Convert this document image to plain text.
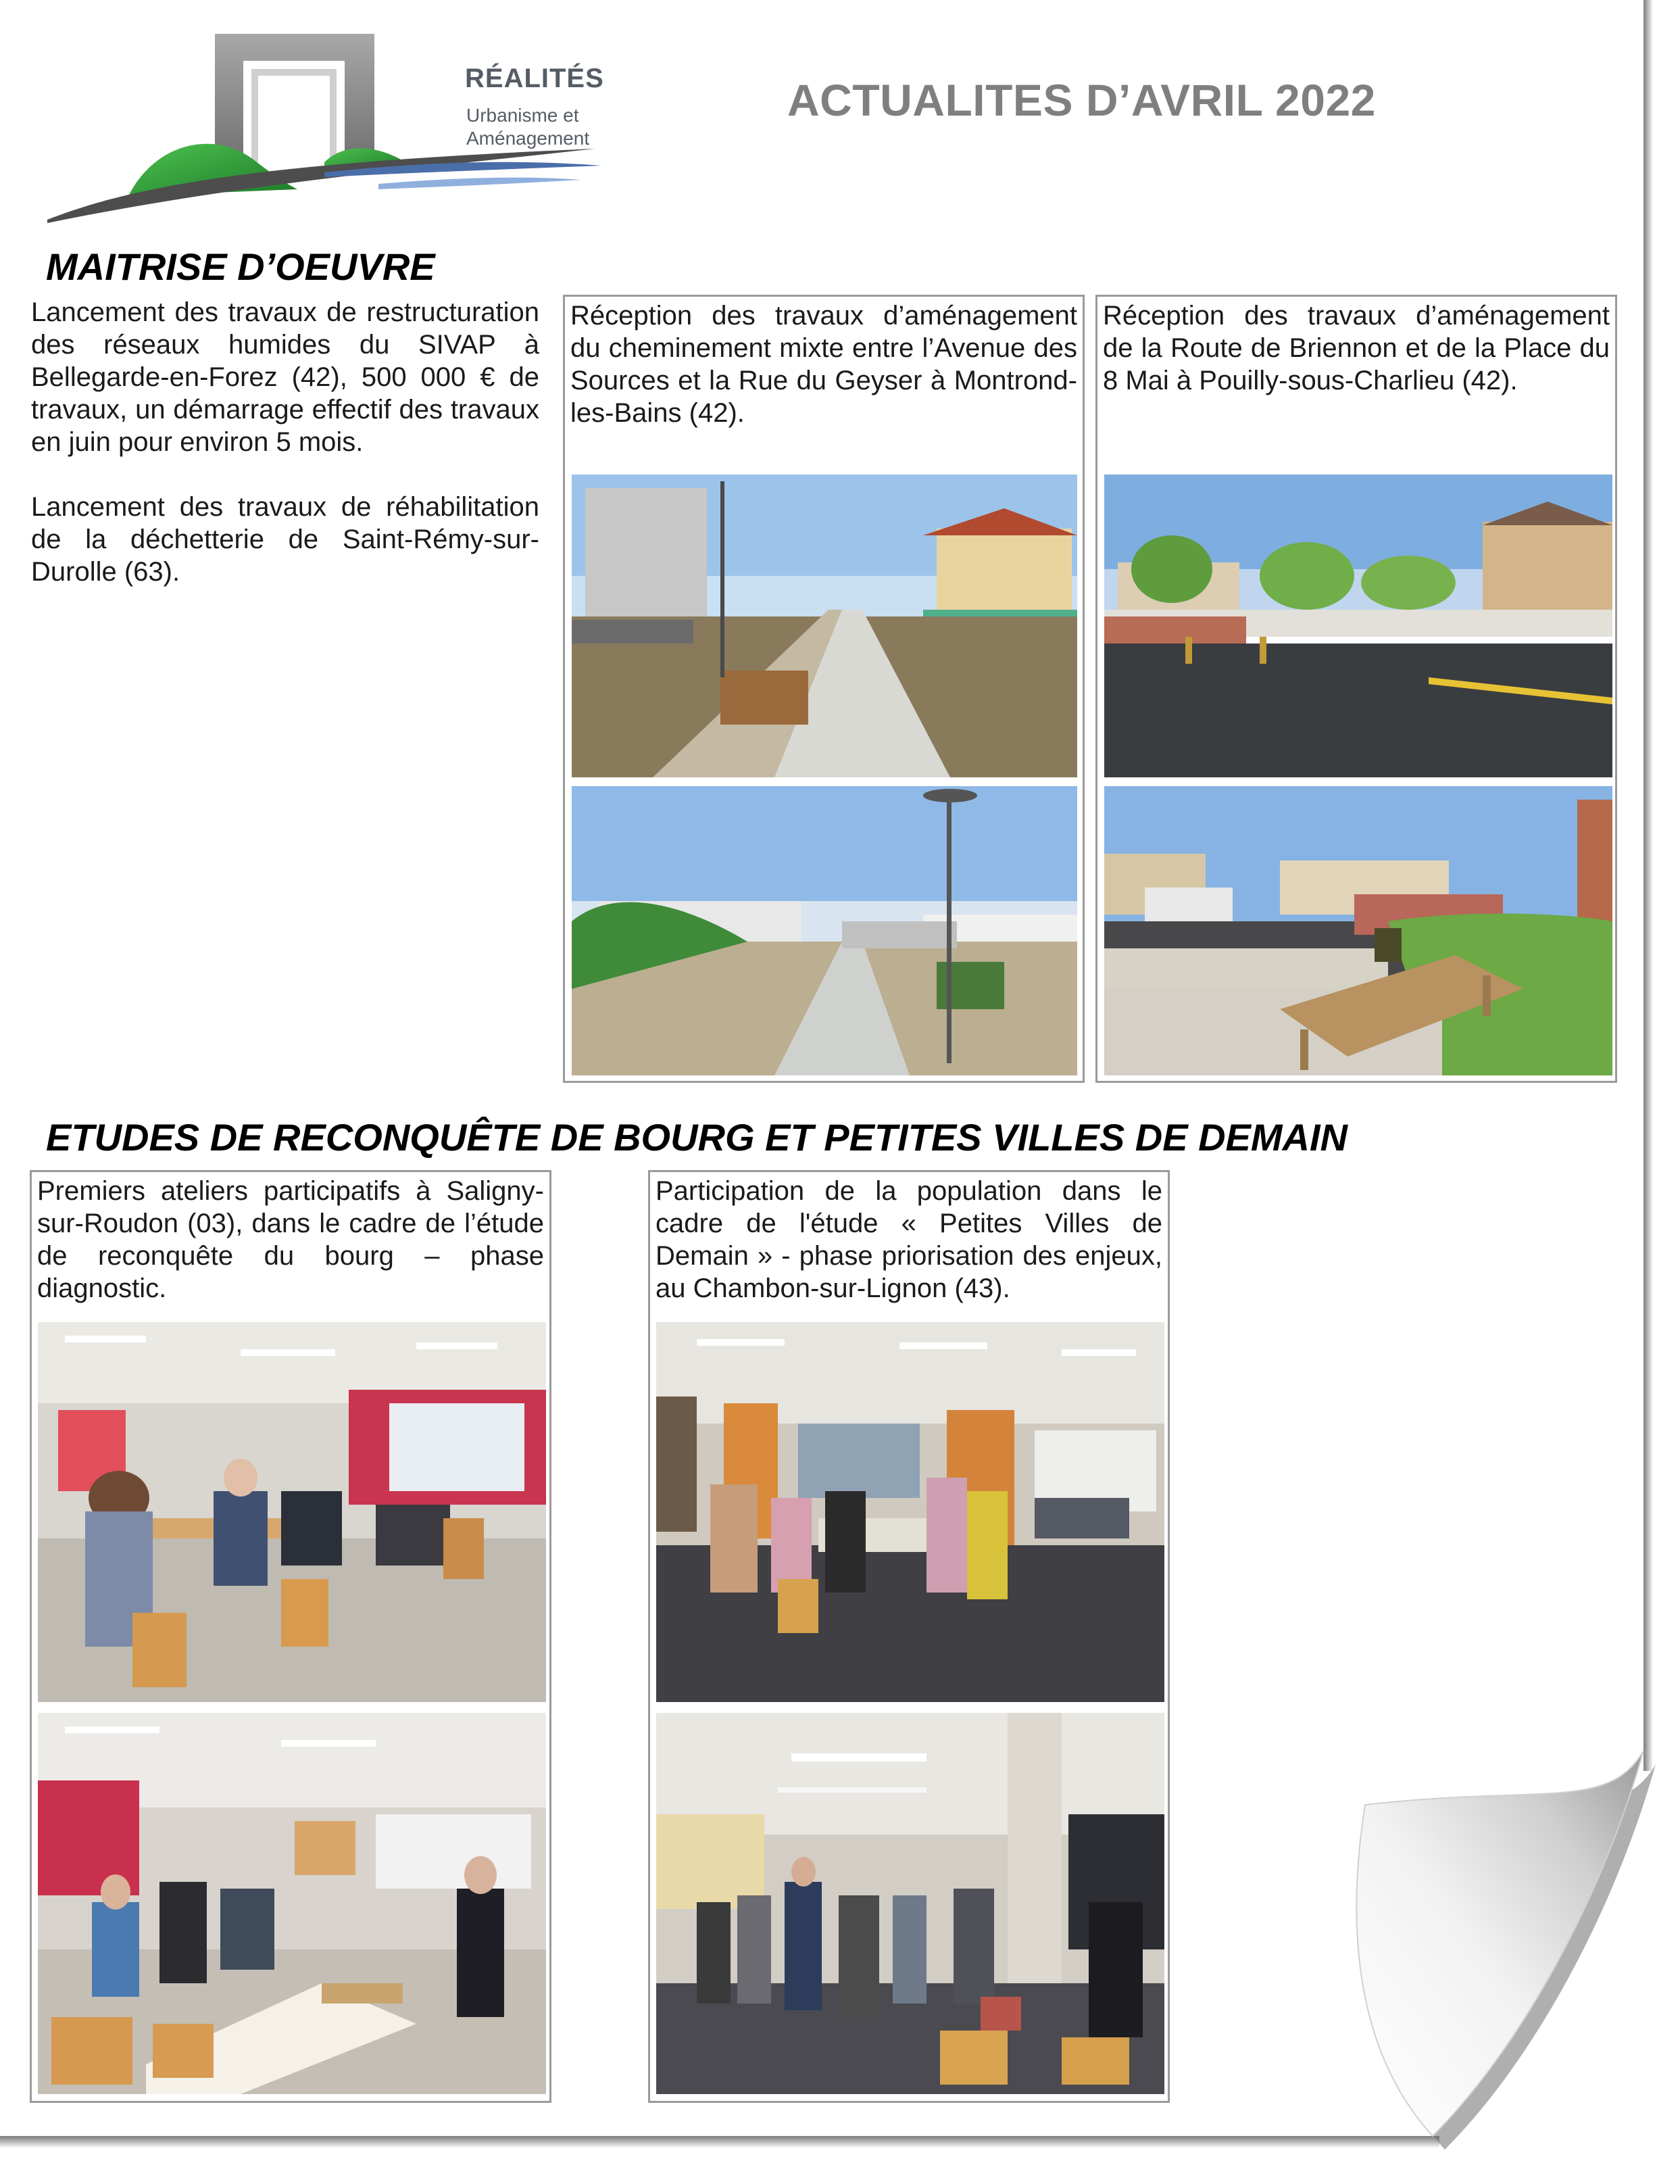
RÉALITÉS

Urbanisme et
Aménagement

ACTUALITES D’AVRIL 2022
MAITRISE D’OEUVRE

Lancement des travaux de restructuration des réseaux humides du SIVAP à Bellegarde-en-Forez (42), 500 000 € de travaux, un démarrage effectif des travaux en juin pour environ 5 mois.

Lancement des travaux de réhabilitation de la déchetterie de Saint-Rémy-sur-Durolle (63).

Réception des travaux d’aménagement du cheminement mixte entre l’Avenue des Sources et la Rue du Geyser à Montrond-les-Bains (42).

Réception des travaux d’aménagement de la Route de Briennon et de la Place du 8 Mai à Pouilly-sous-Charlieu (42).

ETUDES DE RECONQUÊTE DE BOURG ET PETITES VILLES DE DEMAIN

Premiers ateliers participatifs à Saligny-sur-Roudon (03), dans le cadre de l’étude de reconquête du bourg – phase diagnostic.

Participation de la population dans le cadre de l'étude « Petites Villes de Demain » - phase priorisation des enjeux, au Chambon-sur-Lignon (43).
